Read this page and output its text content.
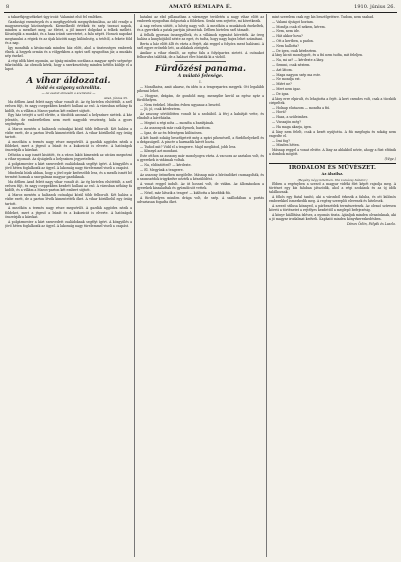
8	AMATŐ RÉMLAPA É.	1910. június 26.

a takarékjegyzékeket úgy iroát: Valamint első fel emléken.

Gazdasági események és a megfigyelések megnyilvánulása, az idő rendje a magyarországi közönségnek. Kiemelkedő értékek és szép tavaszi napok, minden a mezőket meg, az életet, a jól ismert dolgokat a telkek mellett. Köszönjük a munkát, és a haza iránti szeretetet, a falu népét. Hosszú napokat megtanulni a régiek és az újak közötti nagy különbség, a tetőtől, a fekete föld és a nap.

Így mondták a kíváncsiak minden ház előtt, ahol a tisztességes emberek élnek. A hegyek ormán és a völgyekben a nyári szél nyugodtan jár, a munkás nép énekel.

A régi idők hírei nyomán, az újság minden sorában a magyar nyelv szépsége tükröződik. Az olvasók kérik, hogy a szerkesztőség minden hétfőn küldje el a lapot.

A vihar áldozatai.
Hold és szigony schrollita.
— Az esetet elmeséli a szemtanú —
Arad, június 25.

Ma délben Arad felett nagy vihar vonult át. Az ég hirtelen elsötétült, a szél erősen fújt, és nagy cseppekben kezdett hullani az eső. A városban néhány fa kidőlt, és a villám a Maros-parton két embert sújtott.

Egy ház tetejét a szél elvitte, a tűzoltók azonnal a helyszínre siettek. A kár jelentős, de emberéletben nem esett nagyobb veszteség, hála a gyors segítségnek.

A Maros mentén a halászok csónakjai közül több felborult. Két halász a vízbe esett, de a parton lévők kimentették őket. A vihar körülbelül egy óráig tartott.

A mezőkön a termés nagy része megsérült. A gazdák aggódva nézik a földeket, mert a jégeső a búzát és a kukoricát is elverte. A hatóságok összeírják a károkat.

Délután a nap ismét kisütött, és a város lakói kimentek az utcára megnézni a vihar nyomait. Az újságírók a helyszínen jegyzeteltek.

A polgármester a kárt szenvedett családoknak segélyt ígért. A közgyűlés a jövő héten foglalkozik az ügyel. A lakosság nagy türelemmel viseli a csapást.

Mindenki bízik abban, hogy a jövő nyár kedvezőbb lesz, és a mezők ismét bő termést hoznak a szorgalmas magyar gazdáknak.

Ma délben Arad felett nagy vihar vonult át. Az ég hirtelen elsötétült, a szél erősen fújt, és nagy cseppekben kezdett hullani az eső. A városban néhány fa kidőlt, és a villám a Maros-parton két embert sújtott.

A Maros mentén a halászok csónakjai közül több felborult. Két halász a vízbe esett, de a parton lévők kimentették őket. A vihar körülbelül egy óráig tartott.

A mezőkön a termés nagy része megsérült. A gazdák aggódva nézik a földeket, mert a jégeső a búzát és a kukoricát is elverte. A hatóságok összeírják a károkat.

A polgármester a kárt szenvedett családoknak segélyt ígért. A közgyűlés a jövő héten foglalkozik az ügyel. A lakosság nagy türelemmel viseli a csapást.

hatalmi az első pillanatban a vármegye területén a nagy vihar előtt az emberek nyugodtan dolgoztak a földeken. Senki sem sejtette, mi következik.

A nap erősen sütött, a hőség nagy volt. A mezőkön a munkások énekeltek, és a gyerekek a patak partján játszottak. Délben hirtelen szél támadt.

A felhők gyorsan összegyűltek, és a villámok egymást követték. Az öreg halász a kunyhójából nézte az eget, és tudta, hogy nagy bajra lehet számítani.

Berta a ház előtt állt és várta a férjét, aki reggel a folyóra ment halászni. A szél egyre erősebb lett, az ablakok zörögtek.

Amikor a vihar elmúlt, az egész falu a folyópartra sietett. A csónakot felborulva találták, de a halászt élve húzták ki a vízből.

Fürdőzési panama.
A múlató felesége.
I.

— Mondhatsz, amit akarsz, én idén is a tengerpartra megyek. Ott legalább pihenni lehet.

— Hogyne, drágám, de gondold meg, mennyibe kerül az egész nyár a fürdőhelyen.

— Nem érdekel. Minden évben ugyanaz a beszéd.

— Jó, jó, csak kérdeztem.

Az asszony sértődötten vonult ki a szobából. A férj a kabátját vette, és elindult a kávéházba.

— Megint a régi nóta — mondta a barátjának.

— Az asszonyok már csak ilyenek, barátom.

— Igaz, de az én feleségem különösen.

A két barát sokáig beszélgetett még a nyári pihenésről, a fürdőhelyekről és a drágaságról. A pincér a harmadik kávét hozta.

— Tudod mit? Vidd el a tengerre. Majd meglátod, jobb lesz.

— Könnyű azt mondani.

Este otthon az asszony már mosolyogva várta. A vacsora az asztalon volt, és a gyerekek is vidámak voltak.

— Na, eldöntötted? — kérdezte.

— El. Megyünk a tengerre.

Az asszony örömében megölelte. Másnap már a bőröndöket csomagolták, és a szomszédok irigykedve nézték a készülődést.

A vonat reggel indult. Az út hosszú volt, de vidám. Az állomásokon a gyerekek kiszaladtak és gyümölcsöt vettek.

— Nézd, már látszik a tenger! — kiáltotta a kisebbik fiú.

A fürdőhelyen minden drága volt, de szép. A szállodában a portás udvariasan fogadta őket.

mint szerelem csak egy kis beszélgetésre. Tudom, nem szabad.

— Valami újságot hoztam.

— Mondja csak el nekem, kérem.

— Nem, nem ide.

— Hát akkor hova?

— Ott a kertben, a padon.

— Nem hallotta?

— De igen, csak kérdeztem.

A lány kicsit mosolygott, és a fiú nem tudta, mit feleljen.

— Na, mi az? — kérdezte a lány.

— Semmi, csak néztem.

— Azt látom.

— Maga nagyon szép ma este.

— Ne mondja ezt.

— Miért ne?

— Mert nem igaz.

— De igaz.

A lány erre elpirult, és lehajtotta a fejét. A kert csendes volt, csak a tücskök ciripeltek.

— Holnap elutazom — mondta a fiú.

— Hová?

— Haza, a szüleimhez.

— Visszajön még?

— Ha maga akarja, igen.

A lány nem felelt, csak a kezét nyújtotta. A fiú megfogta és sokáig nem engedte el.

— Írni fog?

— Minden héten.

Másnap reggel a vonat elvitte. A lány az ablakból nézte, ahogy a füst eltűnik a dombok mögött.

(Vége.)
IRODALOM ÉS MŰVÉSZET.
Az álszilsz.
(Regény négy kötetben. Irta Lukácsy Sándor.)

Ebben a regényben a szerző a magyar vidéki élet képét rajzolja meg. A történet egy kis faluban játszódik, ahol a régi szokások és az új idők találkoznak.

A főhős egy fiatal tanító, aki a városból érkezik a faluba, és ott különös emberekkel ismerkedik meg. A regény szereplői elevenek és hitelesek.

A szerző stílusa könnyed, a párbeszédek természetesek. Az olvasó szívesen követi a történetet a rejtélyes kezdettől a meglepő befejezésig.

A könyv kiállítása ízléses, a nyomás tiszta. Ajánljuk minden olvasónknak, aki a jó magyar irodalmat kedveli. Kapható minden könyvkereskedésben.

Dénes Ödön, Pályák és Laszlo.
